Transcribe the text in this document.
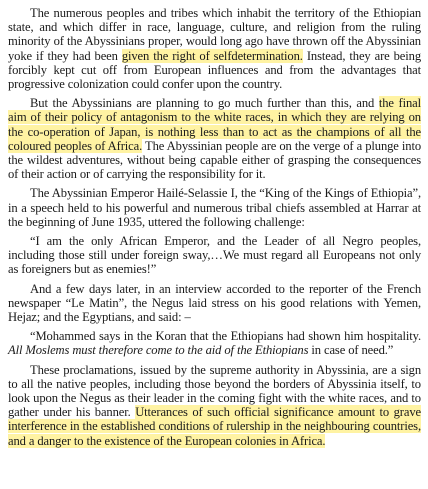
The numerous peoples and tribes which inhabit the territory of the Ethiopian state, and which differ in race, language, culture, and religion from the ruling minority of the Abyssinians proper, would long ago have thrown off the Abyssinian yoke if they had been given the right of selfdetermination. Instead, they are being forcibly kept cut off from European influences and from the advantages that progressive colonization could confer upon the country.

But the Abyssinians are planning to go much further than this, and the final aim of their policy of antagonism to the white races, in which they are relying on the co-operation of Japan, is nothing less than to act as the champions of all the coloured peoples of Africa. The Abyssinian people are on the verge of a plunge into the wildest adventures, without being capable either of grasping the consequences of their action or of carrying the responsibility for it.

The Abyssinian Emperor Hailé-Selassie I, the “King of the Kings of Ethiopia”, in a speech held to his powerful and numerous tribal chiefs assembled at Harrar at the beginning of June 1935, uttered the following challenge:

“I am the only African Emperor, and the Leader of all Negro peoples, including those still under foreign sway,…We must regard all Europeans not only as foreigners but as enemies!”

And a few days later, in an interview accorded to the reporter of the French newspaper “Le Matin”, the Negus laid stress on his good relations with Yemen, Hejaz; and the Egyptians, and said: –

“Mohammed says in the Koran that the Ethiopians had shown him hospitality. All Moslems must therefore come to the aid of the Ethiopians in case of need.”

These proclamations, issued by the supreme authority in Abyssinia, are a sign to all the native peoples, including those beyond the borders of Abyssinia itself, to look upon the Negus as their leader in the coming fight with the white races, and to gather under his banner. Utterances of such official significance amount to grave interference in the established conditions of rulership in the neighbouring countries, and a danger to the existence of the European colonies in Africa.
